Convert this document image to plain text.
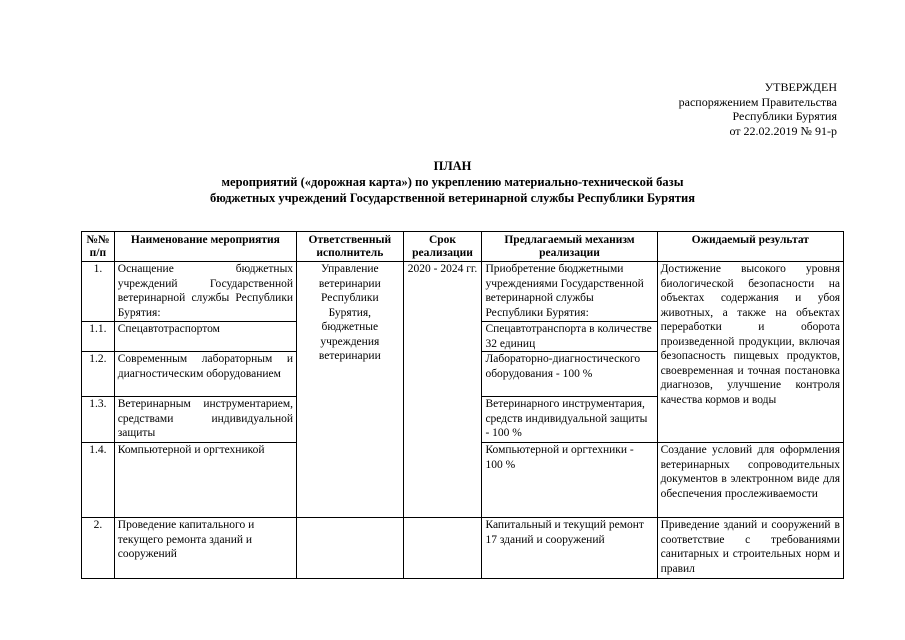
УТВЕРЖДЕН
распоряжением Правительства
Республики Бурятия
от 22.02.2019 № 91-р
ПЛАН
мероприятий («дорожная карта») по укреплению материально-технической базы
бюджетных учреждений Государственной ветеринарной службы Республики Бурятия
№№ п/п	Наименование мероприятия	Ответственный исполнитель	Срок реализации	Предлагаемый механизм реализации	Ожидаемый результат
1.	Оснащение бюджетных учреждений Государственной ветеринарной службы Республики Бурятия:	Управление ветеринарии Республики Бурятия, бюджетные учреждения ветеринарии	2020 - 2024 гг.	Приобретение бюджетными учреждениями Государственной ветеринарной службы Республики Бурятия:	Достижение высокого уровня биологической безопасности на объектах содержания и убоя животных, а также на объектах переработки и оборота произведенной продукции, включая безопасность пищевых продуктов, своевременная и точная постановка диагнозов, улучшение контроля качества кормов и воды
1.1.	Спецавтотраспортом			Спецавтотранспорта в количестве 32 единиц	
1.2.	Современным лабораторным и диагностическим оборудованием			Лабораторно-диагностического оборудования - 100 %	
1.3.	Ветеринарным инструментарием, средствами индивидуальной защиты			Ветеринарного инструментария, средств индивидуальной защиты - 100 %	
1.4.	Компьютерной и оргтехникой			Компьютерной и оргтехники - 100 %	Создание условий для оформления ветеринарных сопроводительных документов в электронном виде для обеспечения прослеживаемости
2.	Проведение капитального и текущего ремонта зданий и сооружений			Капитальный и текущий ремонт 17 зданий и сооружений	Приведение зданий и сооружений в соответствие с требованиями санитарных и строительных норм и правил
